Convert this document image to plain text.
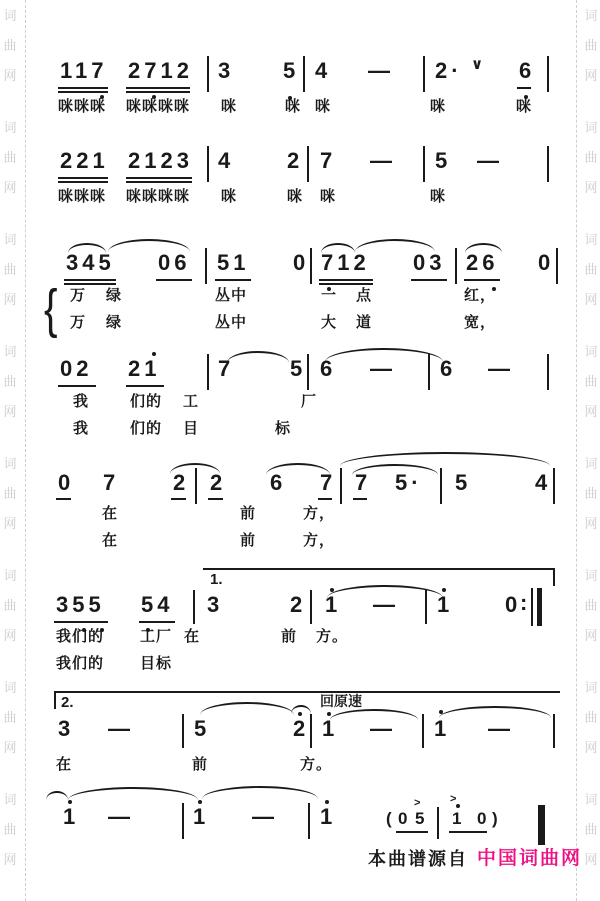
词
曲
网
词
曲
网
词
曲
网
词
曲
网
词
曲
网
词
曲
网
词
曲
网
词
曲
网
词
曲
网
词
曲
网
词
曲
网
词
曲
网
词
曲
网
词
曲
网
词
曲
网
词
曲
网
117 2712 3 5 4 — 2· ∨ 6
咪咪咪 咪咪咪咪 咪	咪 咪	咪	咪
221 2123 4 2 7 — 5 —
咪咪咪 咪咪咪咪 咪	咪 咪	咪
345 06 51 0 712 03 26 0
{ 万 绿	丛中	一 点	红，
万 绿	丛中	大 道	宽，
02 21	7	5 6 — 6 —
我	们的 工	厂
我	们的 目	标
0 7 2 2 6 7 7 5· 5	4
在	前	方，
在	前	方，
1.
355 54 3	2 1 — 1 0
:
我们的 工厂 在	前 方。
我们的 目标
2.	回原速
3 —	5	2 1 — 1 —
在	前	方。
1 —	1 — 1	( 0 5
>
1
>
0 )
本曲谱源自 中国词曲网
